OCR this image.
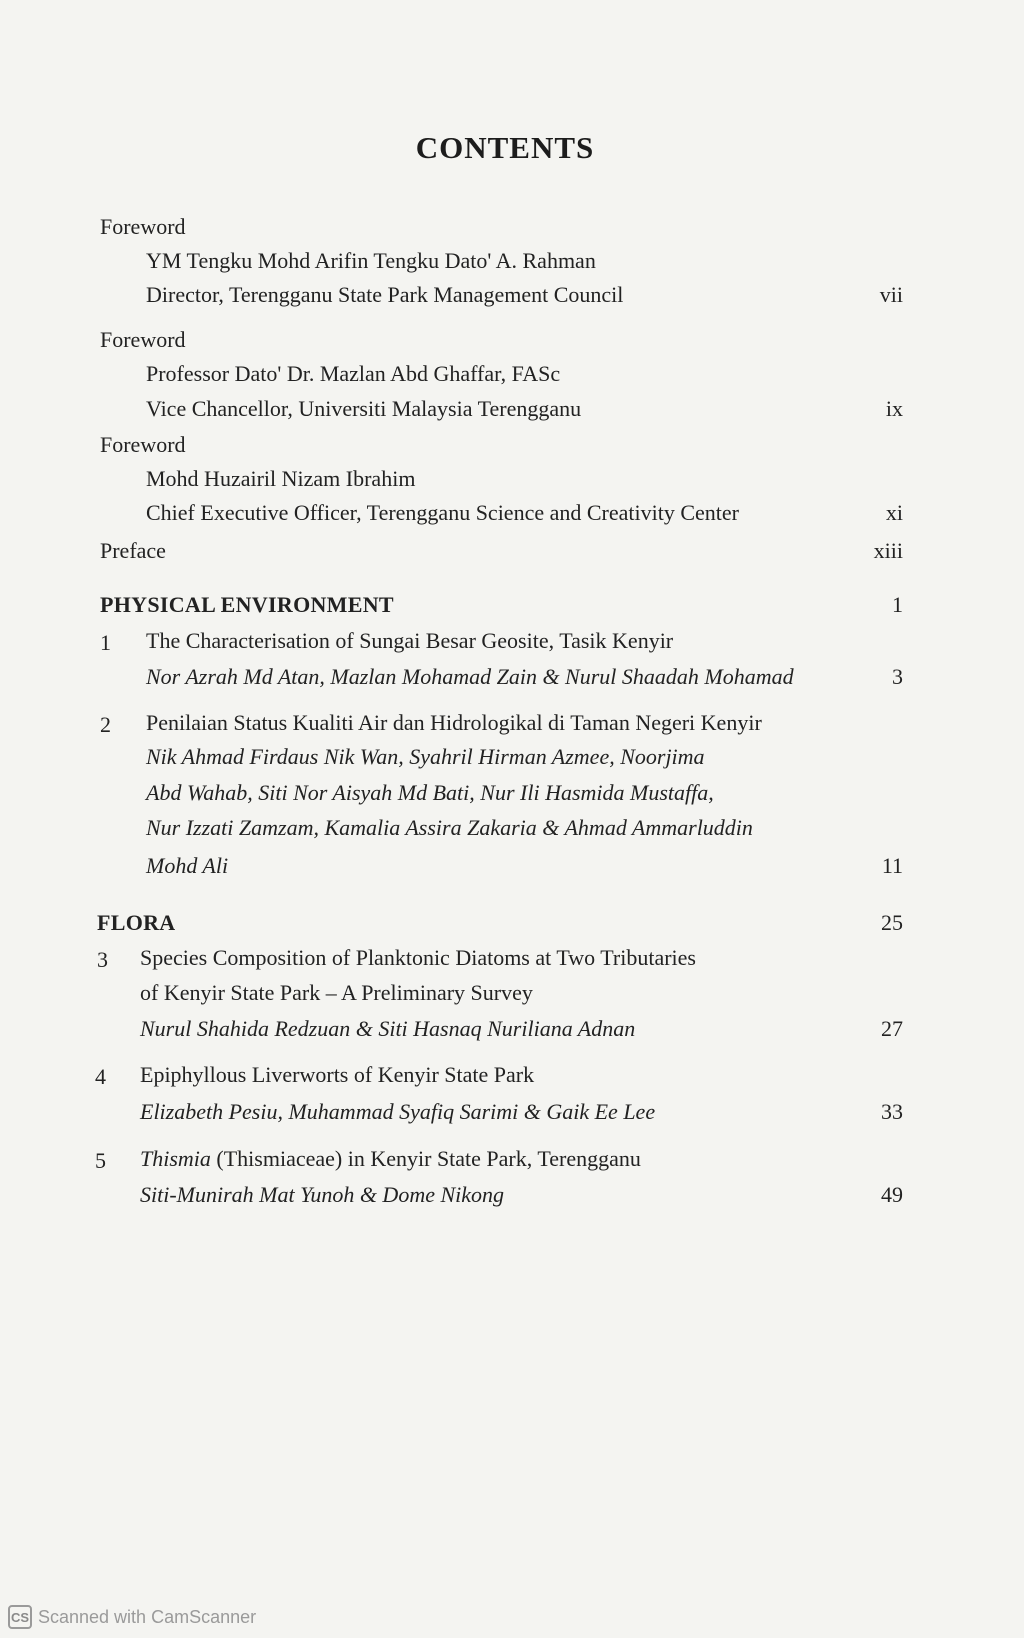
CONTENTS
Foreword
YM Tengku Mohd Arifin Tengku Dato' A. Rahman
Director, Terengganu State Park Management Council	vii
Foreword
Professor Dato' Dr. Mazlan Abd Ghaffar, FASc
Vice Chancellor, Universiti Malaysia Terengganu	ix
Foreword
Mohd Huzairil Nizam Ibrahim
Chief Executive Officer, Terengganu Science and Creativity Center	xi
Preface	xiii
PHYSICAL ENVIRONMENT	1
1 The Characterisation of Sungai Besar Geosite, Tasik Kenyir
Nor Azrah Md Atan, Mazlan Mohamad Zain & Nurul Shaadah Mohamad	3
2 Penilaian Status Kualiti Air dan Hidrologikal di Taman Negeri Kenyir
Nik Ahmad Firdaus Nik Wan, Syahril Hirman Azmee, Noorjima
Abd Wahab, Siti Nor Aisyah Md Bati, Nur Ili Hasmida Mustaffa,
Nur Izzati Zamzam, Kamalia Assira Zakaria & Ahmad Ammarluddin
Mohd Ali	11
FLORA	25
3 Species Composition of Planktonic Diatoms at Two Tributaries
of Kenyir State Park – A Preliminary Survey
Nurul Shahida Redzuan & Siti Hasnaq Nuriliana Adnan	27
4 Epiphyllous Liverworts of Kenyir State Park
Elizabeth Pesiu, Muhammad Syafiq Sarimi & Gaik Ee Lee	33
5 Thismia (Thismiaceae) in Kenyir State Park, Terengganu
Siti-Munirah Mat Yunoh & Dome Nikong	49
CS Scanned with CamScanner
